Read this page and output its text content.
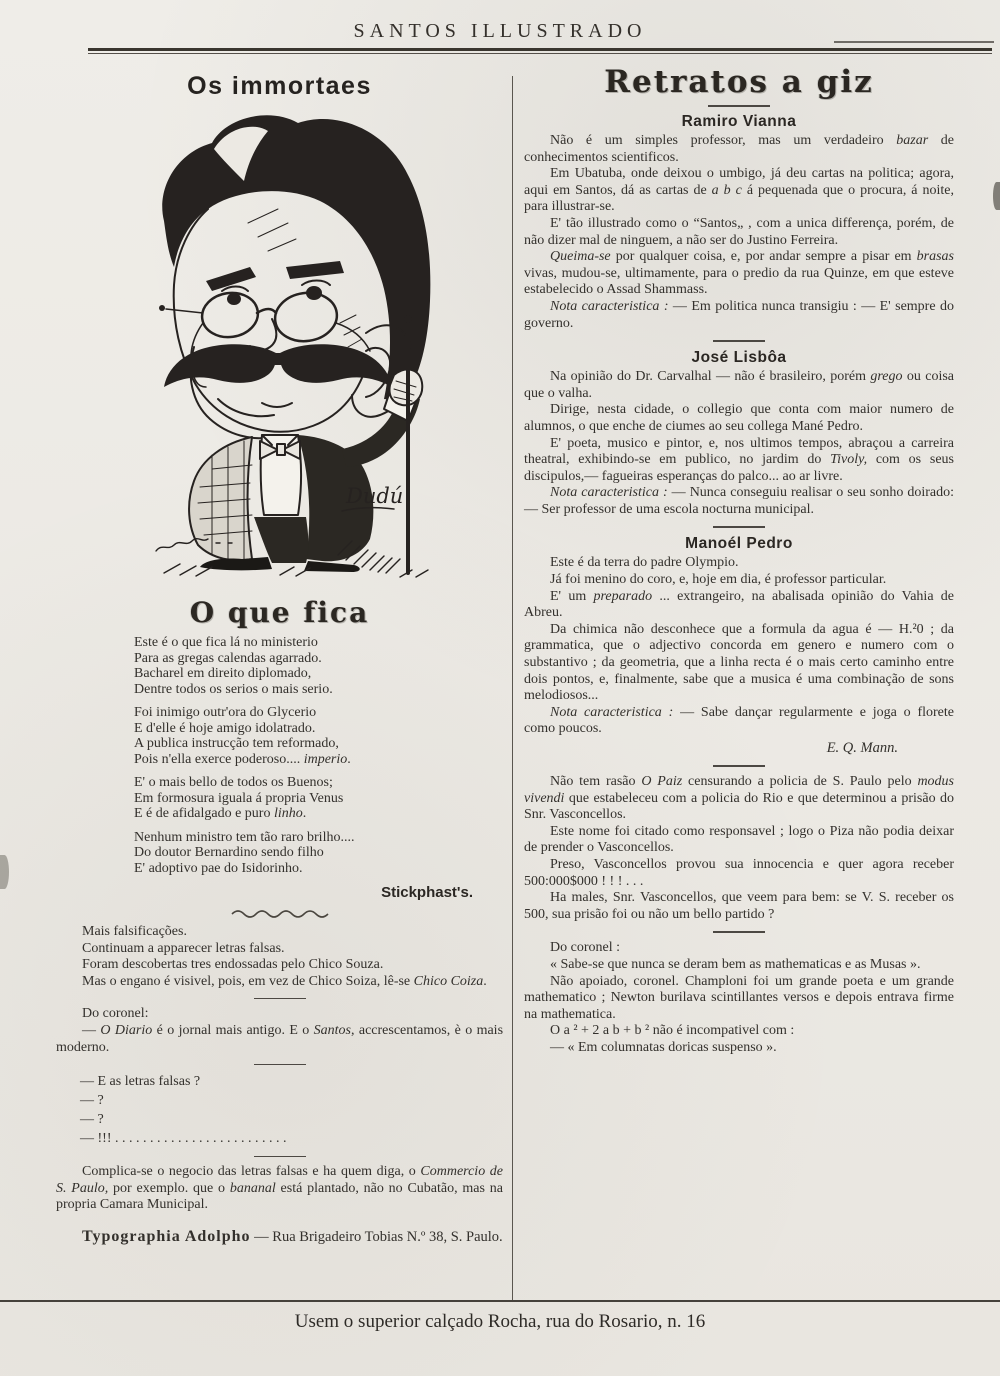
SANTOS ILLUSTRADO
Os immortaes
Dudú
O que fica
Este é o que fica lá no ministerio
Para as gregas calendas agarrado.
Bacharel em direito diplomado,
Dentre todos os serios o mais serio.
Foi inimigo outr'ora do Glycerio
E d'elle é hoje amigo idolatrado.
A publica instrucção tem reformado,
Pois n'ella exerce poderoso.... imperio.
E' o mais bello de todos os Buenos;
Em formosura iguala á propria Venus
E é de afidalgado e puro linho.
Nenhum ministro tem tão raro brilho....
Do doutor Bernardino sendo filho
E' adoptivo pae do Isidorinho.
Stickphast's.

Mais falsificações.

Continuam a apparecer letras falsas.

Foram descobertas tres endossadas pelo Chico Souza.

Mas o engano é visivel, pois, em vez de Chico Soiza, lê-se Chico Coiza.

Do coronel:

— O Diario é o jornal mais antigo. E o Santos, accrescentamos, è o mais moderno.

— E as letras falsas ?
— ?
— ?
— !!! . . . . . . . . . . . . . . . . . . . . . . . . .

Complica-se o negocio das letras falsas e ha quem diga, o Commercio de S. Paulo, por exemplo. que o bananal está plantado, não no Cubatão, mas na propria Camara Municipal.

Typographia Adolpho — Rua Brigadeiro Tobias N.º 38, S. Paulo.

Retratos a giz
Ramiro Vianna

Não é um simples professor, mas um verdadeiro bazar de conhecimentos scientificos.

Em Ubatuba, onde deixou o umbigo, já deu cartas na politica; agora, aqui em Santos, dá as cartas de a b c á pequenada que o procura, á noite, para illustrar-se.

E' tão illustrado como o “Santos„ , com a unica differença, porém, de não dizer mal de ninguem, a não ser do Justino Ferreira.

Queima-se por qualquer coisa, e, por andar sempre a pisar em brasas vivas, mudou-se, ultimamente, para o predio da rua Quinze, em que esteve estabelecido o Assad Shammass.

Nota caracteristica : — Em politica nunca transigiu : — E' sempre do governo.

José Lisbôa

Na opinião do Dr. Carvalhal — não é brasileiro, porém grego ou coisa que o valha.

Dirige, nesta cidade, o collegio que conta com maior numero de alumnos, o que enche de ciumes ao seu collega Mané Pedro.

E' poeta, musico e pintor, e, nos ultimos tempos, abraçou a carreira theatral, exhibindo-se em publico, no jardim do Tivoly, com os seus discipulos,— fagueiras esperanças do palco... ao ar livre.

Nota caracteristica : — Nunca conseguiu realisar o seu sonho doirado: — Ser professor de uma escola nocturna municipal.

Manoél Pedro

Este é da terra do padre Olympio.

Já foi menino do coro, e, hoje em dia, é professor particular.

E' um preparado ... extrangeiro, na abalisada opinião do Vahia de Abreu.

Da chimica não desconhece que a formula da agua é — H.²0 ; da grammatica, que o adjectivo concorda em genero e numero com o substantivo ; da geometria, que a linha recta é o mais certo caminho entre dois pontos, e, finalmente, sabe que a musica é uma combinação de sons melodiosos...

Nota caracteristica : — Sabe dançar regularmente e joga o florete como poucos.

E. Q. Mann.

Não tem rasão O Paiz censurando a policia de S. Paulo pelo modus vivendi que estabeleceu com a policia do Rio e que determinou a prisão do Snr. Vasconcellos.

Este nome foi citado como responsavel ; logo o Piza não podia deixar de prender o Vasconcellos.

Preso, Vasconcellos provou sua innocencia e quer agora receber 500:000$000 ! ! ! . . .

Ha males, Snr. Vasconcellos, que veem para bem: se V. S. receber os 500, sua prisão foi ou não um bello partido ?

Do coronel :

« Sabe-se que nunca se deram bem as mathematicas e as Musas ».

Não apoiado, coronel. Champloni foi um grande poeta e um grande mathematico ; Newton burilava scintillantes versos e depois entrava firme na mathematica.

O a ² + 2 a b + b ² não é incompativel com :

— « Em columnatas doricas suspenso ».

Usem o superior calçado Rocha, rua do Rosario, n. 16
